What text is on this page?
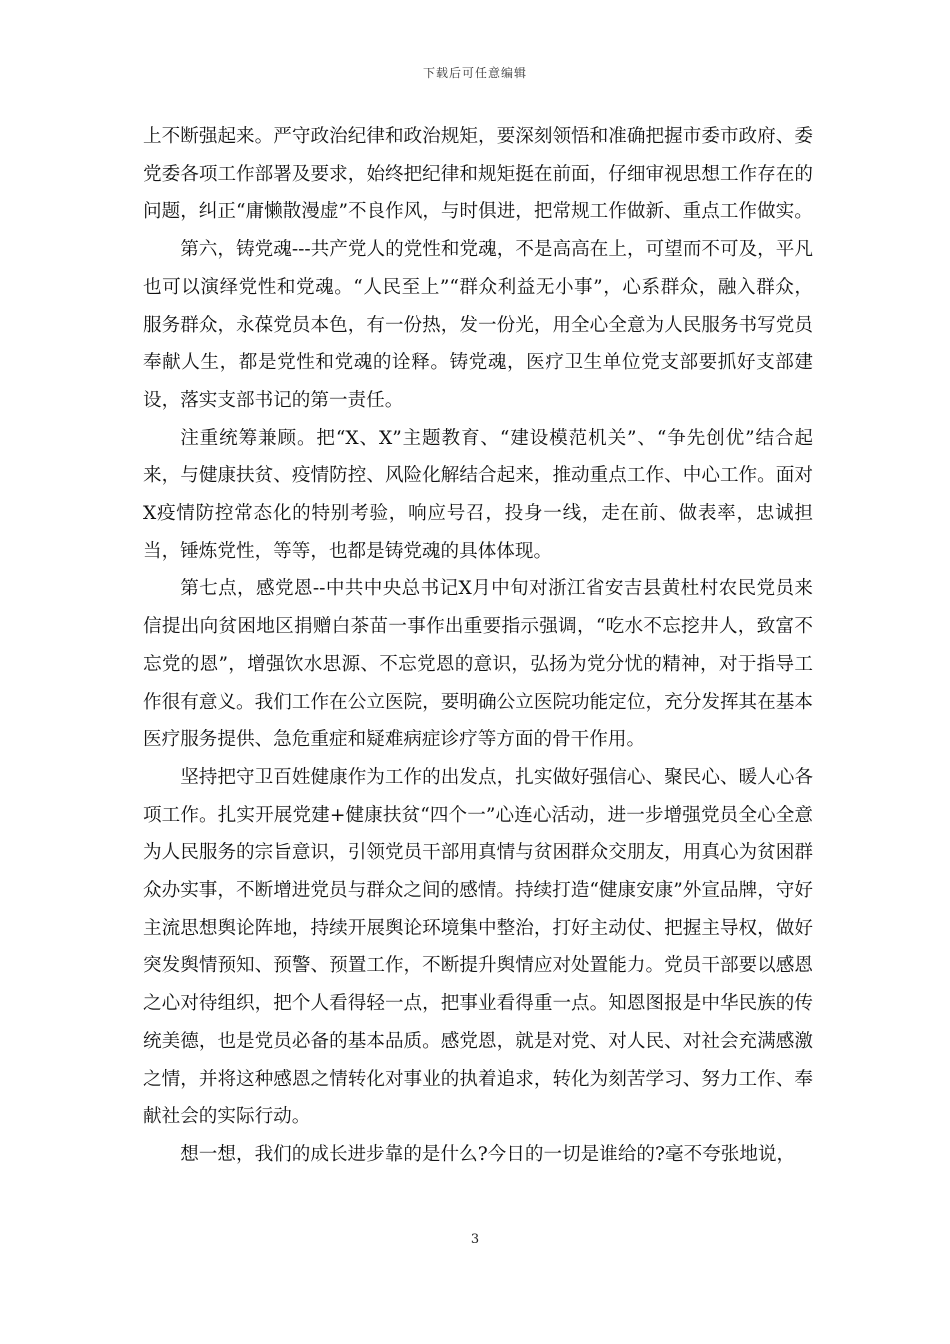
下载后可任意编辑

上不断强起来。严守政治纪律和政治规矩，要深刻领悟和准确把握市委市政府、委党委各项工作部署及要求，始终把纪律和规矩挺在前面，仔细审视思想工作存在的问题，纠正“庸懒散漫虚”不良作风，与时俱进，把常规工作做新、重点工作做实。

第六，铸党魂---共产党人的党性和党魂，不是高高在上，可望而不可及，平凡也可以演绎党性和党魂。“人民至上”“群众利益无小事”，心系群众，融入群众，服务群众，永葆党员本色，有一份热，发一份光，用全心全意为人民服务书写党员奉献人生，都是党性和党魂的诠释。铸党魂，医疗卫生单位党支部要抓好支部建设，落实支部书记的第一责任。

注重统筹兼顾。把“X、X”主题教育、“建设模范机关”、“争先创优”结合起来，与健康扶贫、疫情防控、风险化解结合起来，推动重点工作、中心工作。面对X疫情防控常态化的特别考验，响应号召，投身一线，走在前、做表率，忠诚担当，锤炼党性，等等，也都是铸党魂的具体体现。

第七点，感党恩--中共中央总书记X月中旬对浙江省安吉县黄杜村农民党员来信提出向贫困地区捐赠白茶苗一事作出重要指示强调，“吃水不忘挖井人，致富不忘党的恩”，增强饮水思源、不忘党恩的意识，弘扬为党分忧的精神，对于指导工作很有意义。我们工作在公立医院，要明确公立医院功能定位，充分发挥其在基本医疗服务提供、急危重症和疑难病症诊疗等方面的骨干作用。

坚持把守卫百姓健康作为工作的出发点，扎实做好强信心、聚民心、暖人心各项工作。扎实开展党建+健康扶贫“四个一”心连心活动，进一步增强党员全心全意为人民服务的宗旨意识，引领党员干部用真情与贫困群众交朋友，用真心为贫困群众办实事，不断增进党员与群众之间的感情。持续打造“健康安康”外宣品牌，守好主流思想舆论阵地，持续开展舆论环境集中整治，打好主动仗、把握主导权，做好突发舆情预知、预警、预置工作，不断提升舆情应对处置能力。党员干部要以感恩之心对待组织，把个人看得轻一点，把事业看得重一点。知恩图报是中华民族的传统美德，也是党员必备的基本品质。感党恩，就是对党、对人民、对社会充满感激之情，并将这种感恩之情转化对事业的执着追求，转化为刻苦学习、努力工作、奉献社会的实际行动。

想一想，我们的成长进步靠的是什么?今日的一切是谁给的?毫不夸张地说，

3
